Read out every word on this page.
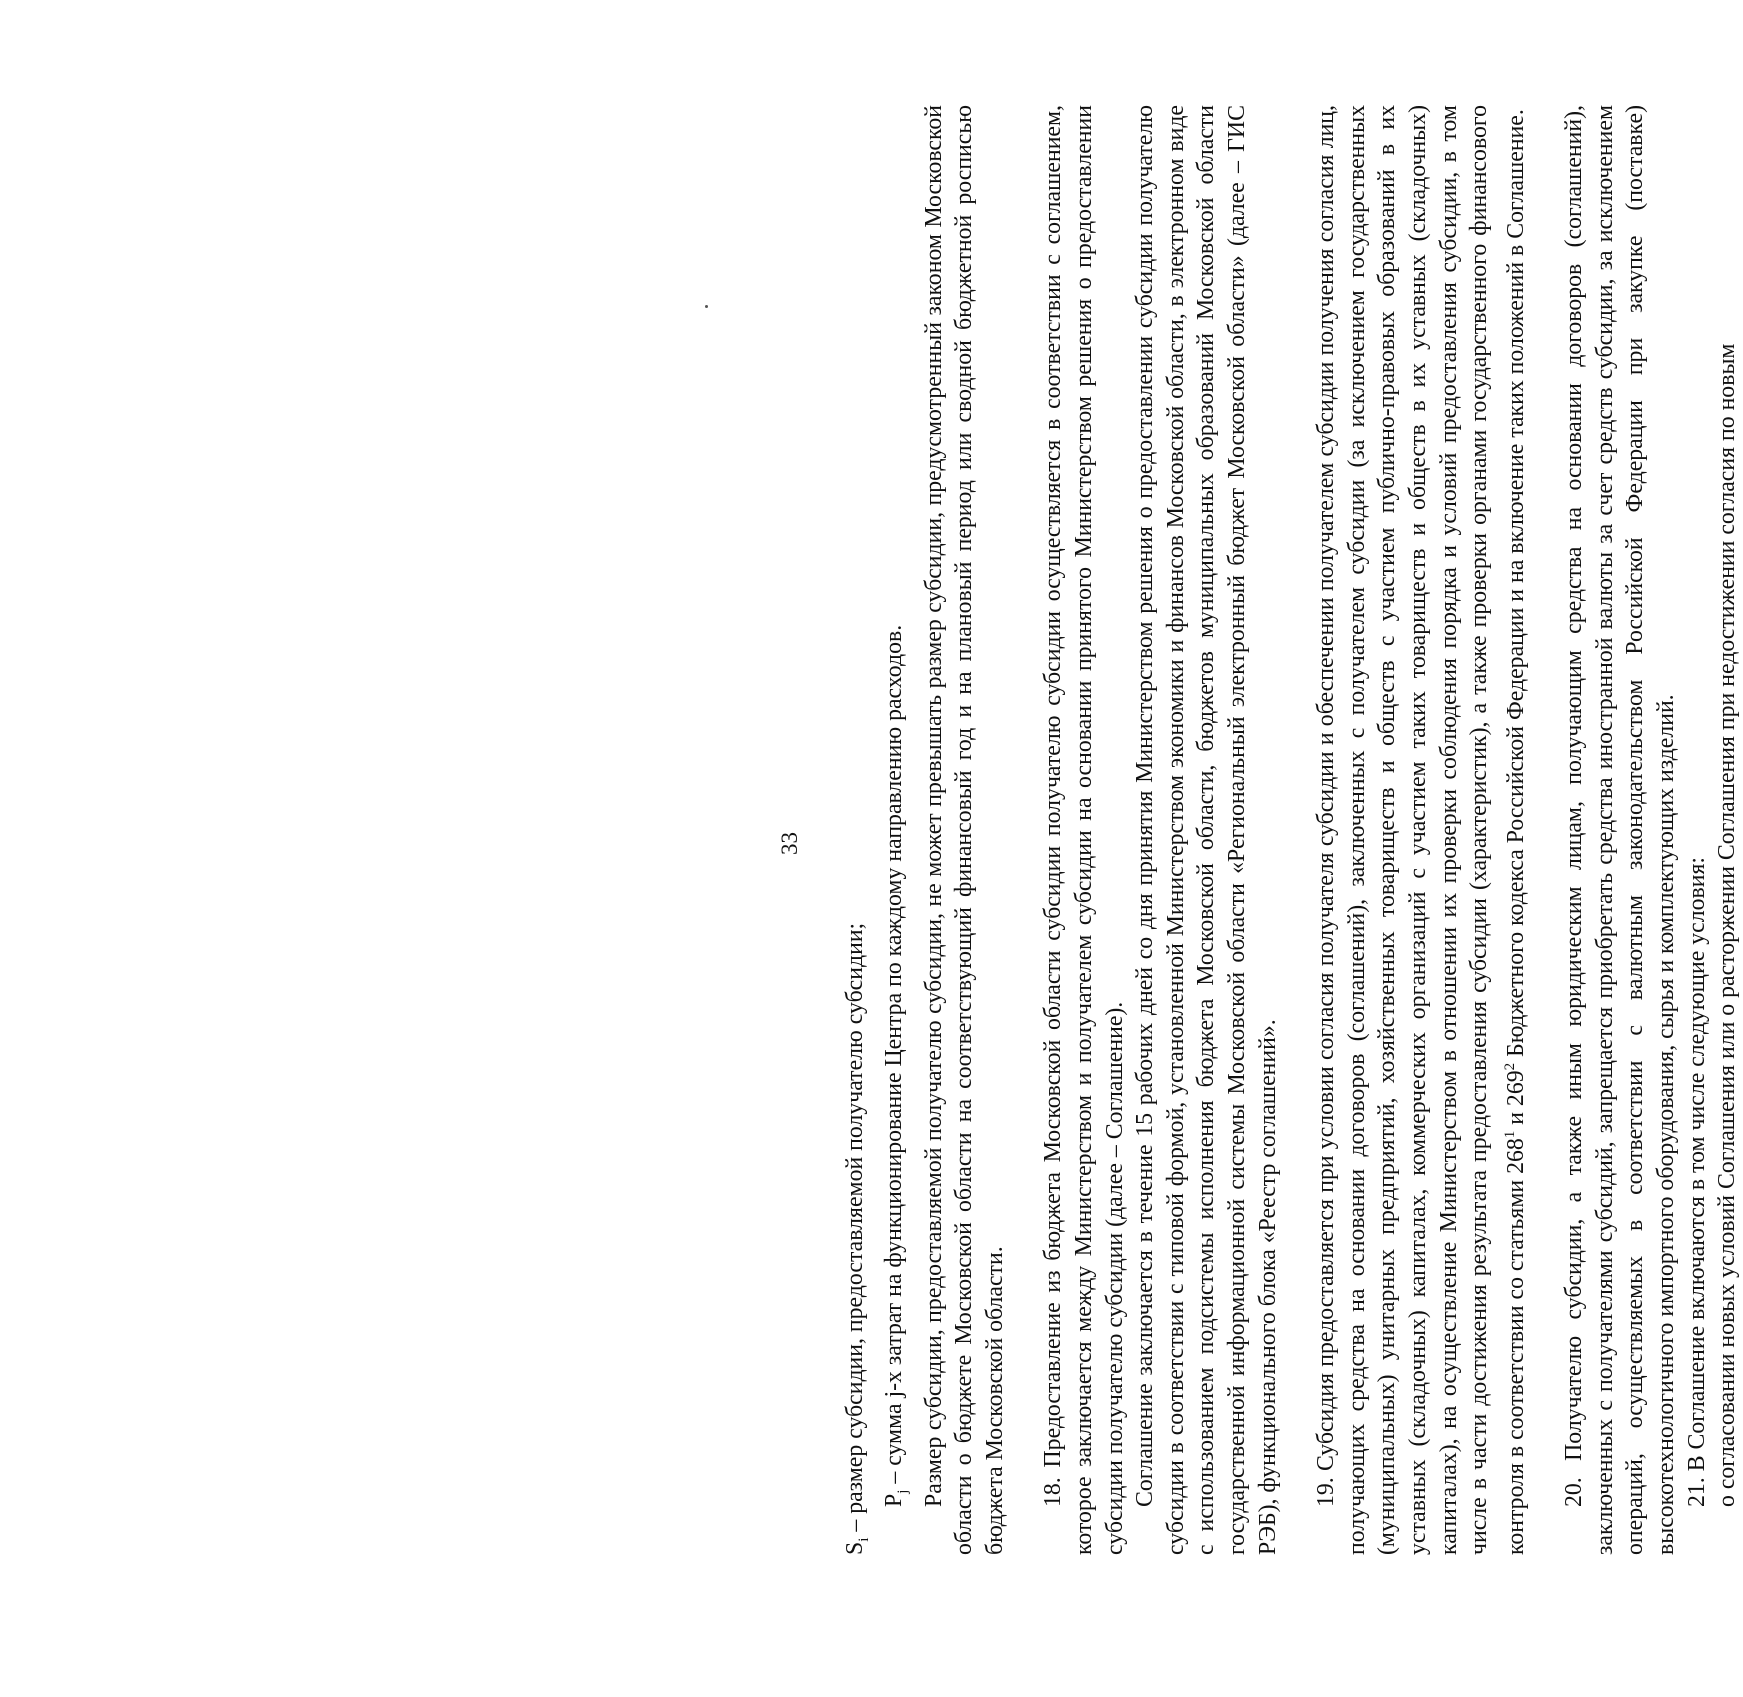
33

$S_i$ – размер субсидии, предоставляемой получателю субсидии; $P_j$ – сумма j-x затрат на функционирование Центра по каждому направлению расходов. Размер субсидии, предоставляемой получателю субсидии, не может превышать размер субсидии, предусмотренный законом Московской области о бюджете Московской области на соответствующий финансовый год и на плановый период или сводной бюджетной росписью бюджета Московской области. 18. Предоставление из бюджета Московской области субсидии получателю субсидии осуществляется в соответствии с соглашением, которое заключается между Министерством и получателем субсидии на основании принятого Министерством решения о предоставлении субсидии получателю субсидии (далее – Соглашение). Соглашение заключается в течение 15 рабочих дней со дня принятия Министерством решения о предоставлении субсидии получателю субсидии в соответствии с типовой формой, установленной Министерством экономики и финансов Московской области, в электронном виде с использованием подсистемы исполнения бюджета Московской области, бюджетов муниципальных образований Московской области государственной информационной системы Московской области «Региональный электронный бюджет Московской области» (далее – ГИС РЭБ), функционального блока «Реестр соглашений». 19. Субсидия предоставляется при условии согласия получателя субсидии и обеспечении получателем субсидии получения согласия лиц, получающих средства на основании договоров (соглашений), заключенных с получателем субсидии (за исключением государственных (муниципальных) унитарных предприятий, хозяйственных товариществ и обществ с участием публично-правовых образований в их уставных (складочных) капиталах, коммерческих организаций с участием таких товариществ и обществ в их уставных (складочных) капиталах), на осуществление Министерством в отношении их проверки соблюдения порядка и условий предоставления субсидии, в том числе в части достижения результата предоставления субсидии (характеристик), а также проверки органами государственного финансового контроля в соответствии со статьями $268^1$ и $269^2$ Бюджетного кодекса Российской Федерации и на включение таких положений в Соглашение. 20. Получателю субсидии, а также иным юридическим лицам, получающим средства на основании договоров (соглашений), заключенных с получателями субсидий, запрещается приобретать средства иностранной валюты за счет средств субсидии, за исключением операций, осуществляемых в соответствии с валютным законодательством Российской Федерации при закупке (поставке) высокотехнологичного импортного оборудования, сырья и комплектующих изделий. 21. В Соглашение включаются в том числе следующие условия: о согласовании новых условий Соглашения или о расторжении Соглашения при недостижении согласия по новым
